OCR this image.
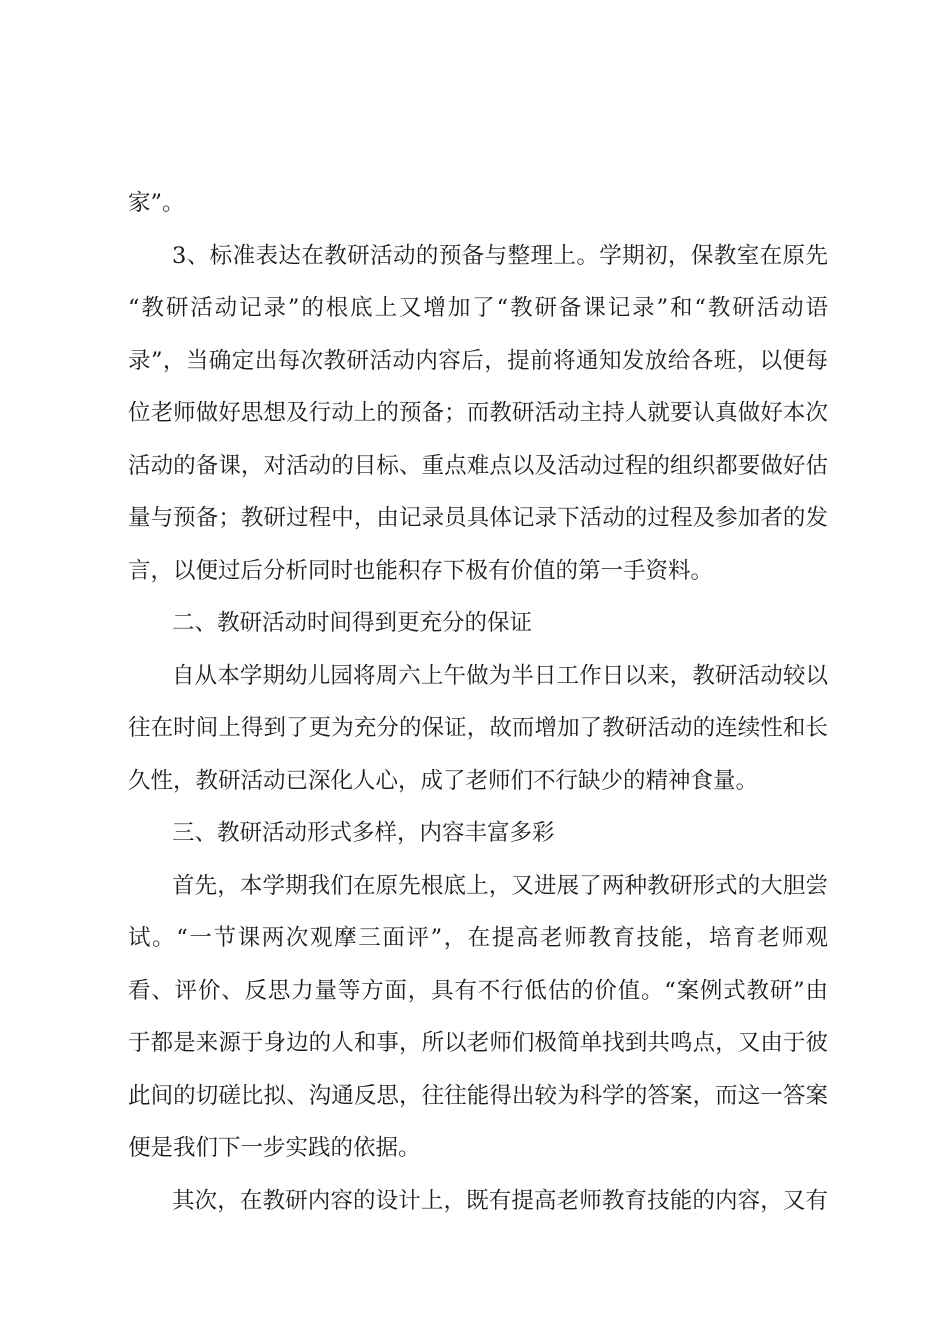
家”。
3、标准表达在教研活动的预备与整理上。学期初，保教室在原先
“教研活动记录”的根底上又增加了“教研备课记录”和“教研活动语
录”，当确定出每次教研活动内容后，提前将通知发放给各班，以便每
位老师做好思想及行动上的预备；而教研活动主持人就要认真做好本次
活动的备课，对活动的目标、重点难点以及活动过程的组织都要做好估
量与预备；教研过程中，由记录员具体记录下活动的过程及参加者的发
言，以便过后分析同时也能积存下极有价值的第一手资料。
二、教研活动时间得到更充分的保证
自从本学期幼儿园将周六上午做为半日工作日以来，教研活动较以
往在时间上得到了更为充分的保证，故而增加了教研活动的连续性和长
久性，教研活动已深化人心，成了老师们不行缺少的精神食量。
三、教研活动形式多样，内容丰富多彩
首先，本学期我们在原先根底上，又进展了两种教研形式的大胆尝
试。“一节课两次观摩三面评”，在提高老师教育技能，培育老师观
看、评价、反思力量等方面，具有不行低估的价值。“案例式教研”由
于都是来源于身边的人和事，所以老师们极简单找到共鸣点，又由于彼
此间的切磋比拟、沟通反思，往往能得出较为科学的答案，而这一答案
便是我们下一步实践的依据。
其次，在教研内容的设计上，既有提高老师教育技能的内容，又有
